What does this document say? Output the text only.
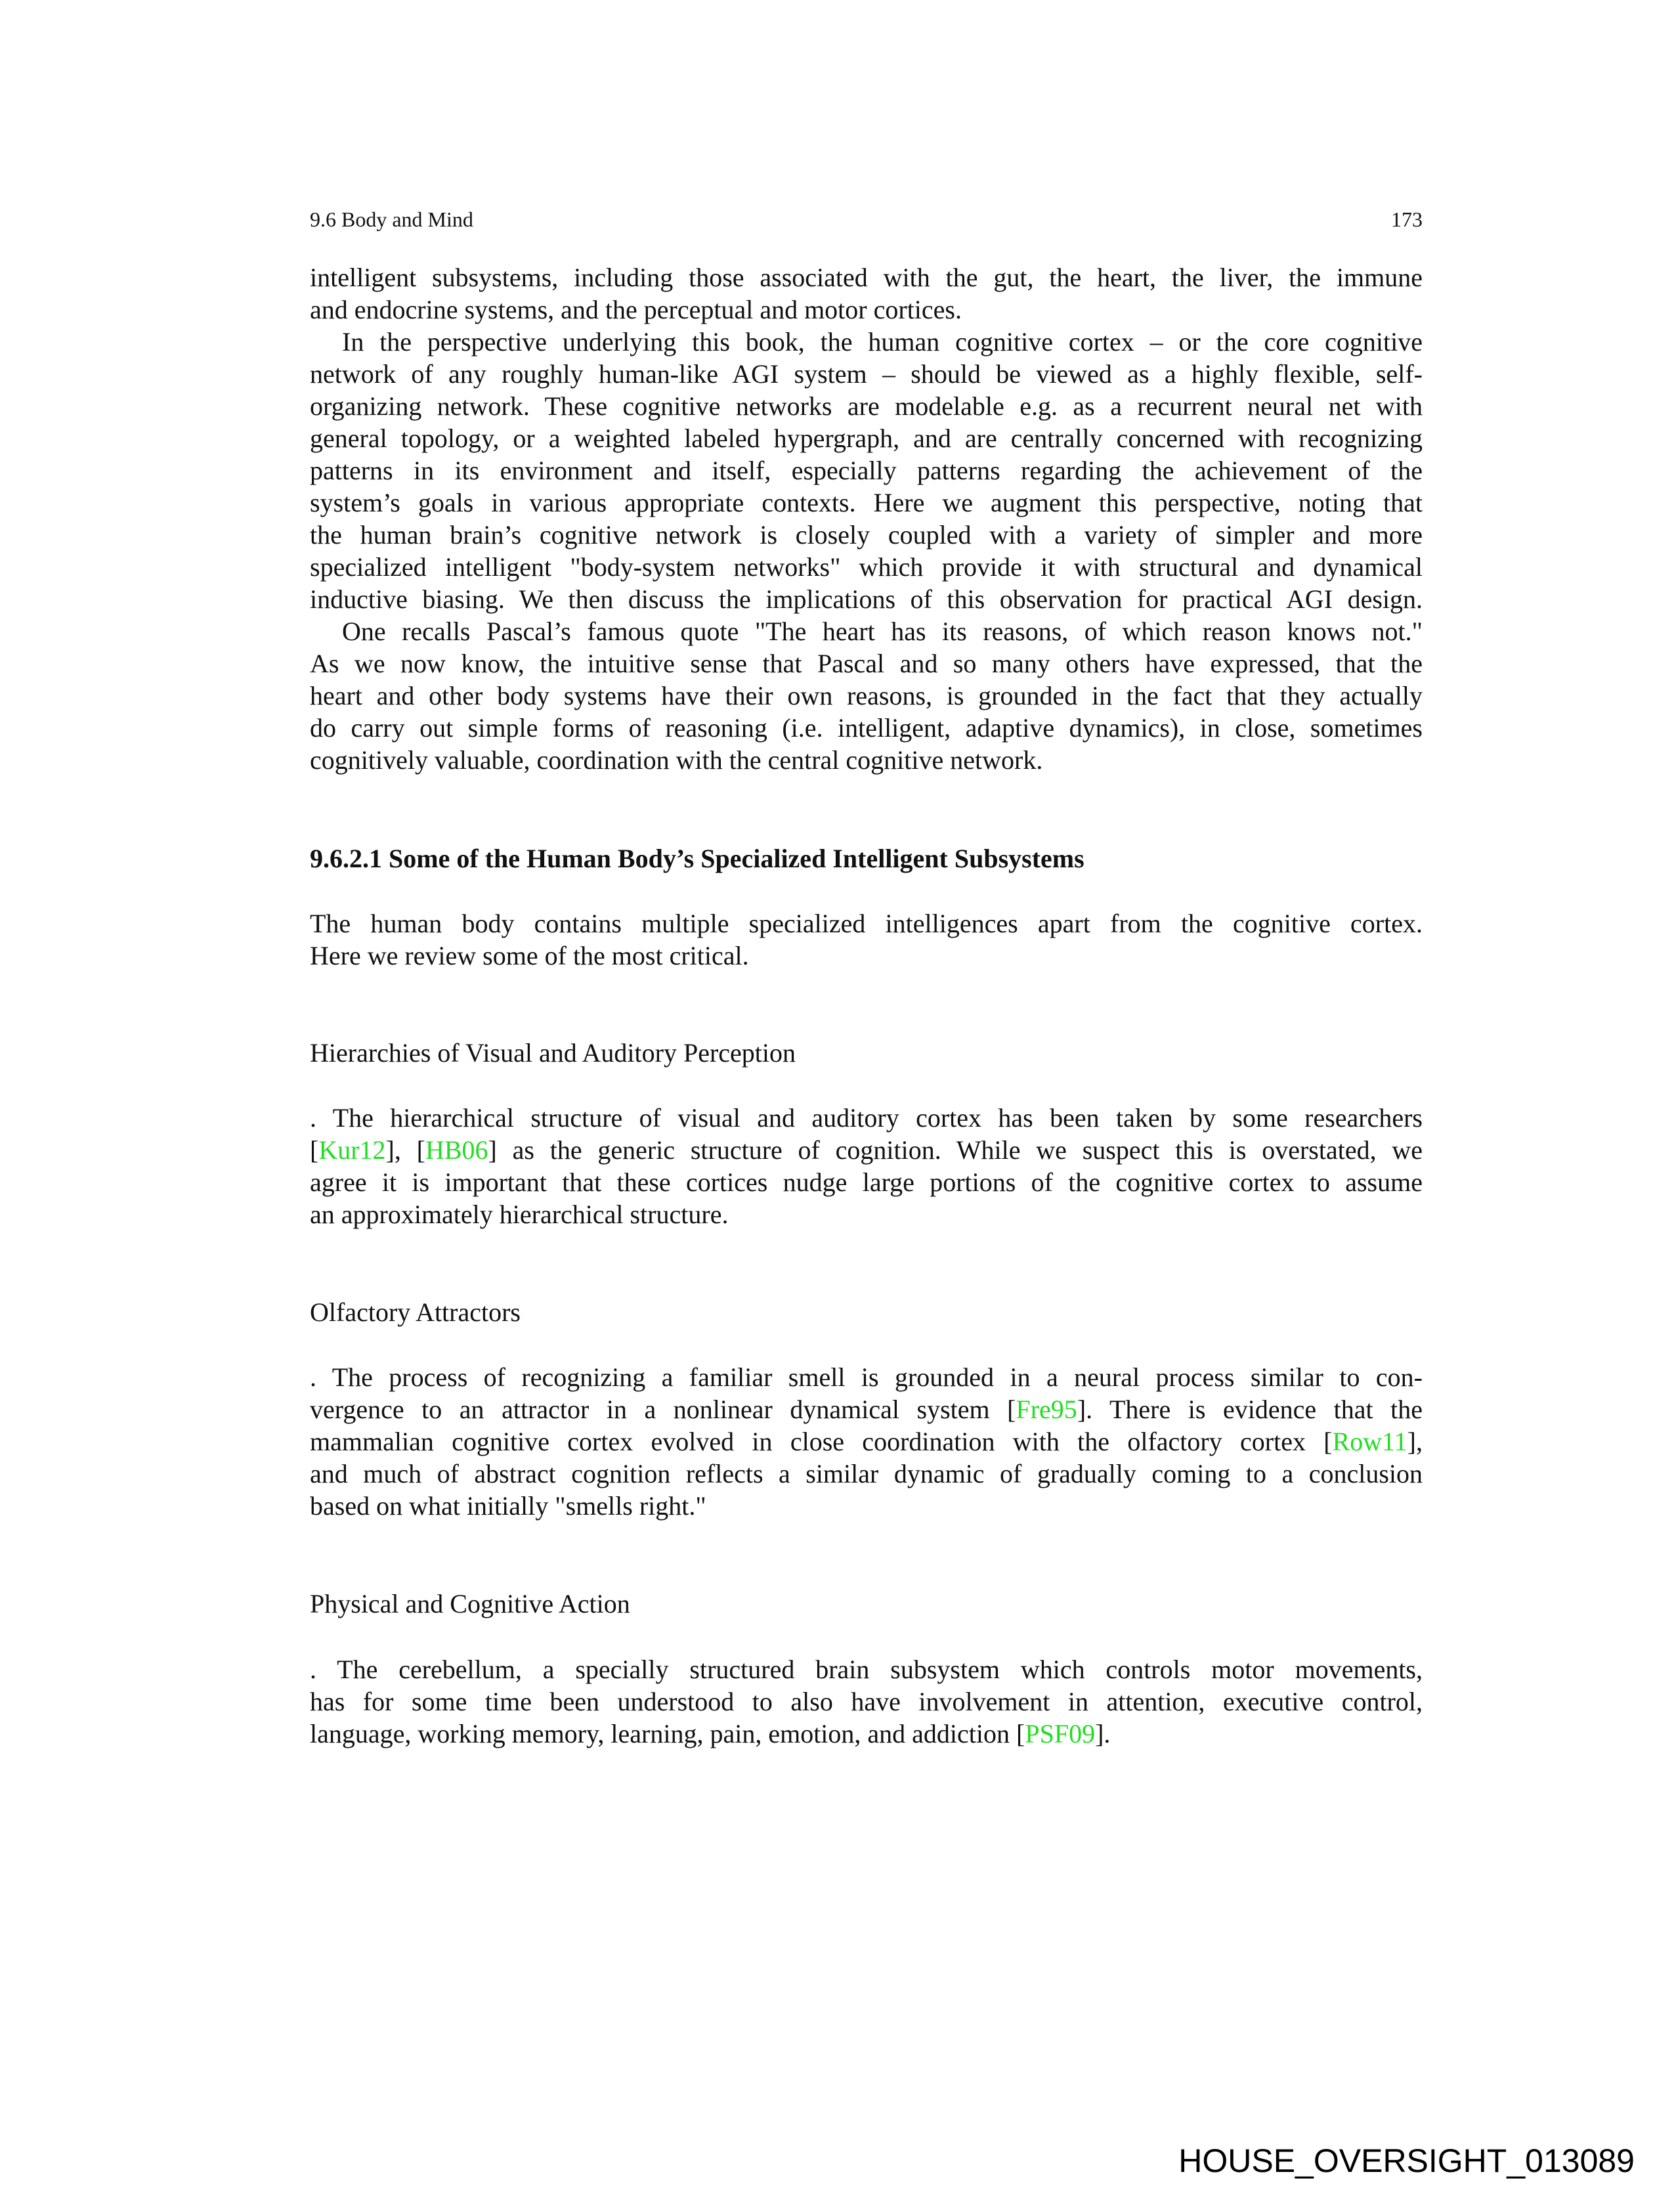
9.6 Body and Mind	173
intelligent subsystems, including those associated with the gut, the heart, the liver, the immune
and endocrine systems, and the perceptual and motor cortices.
In the perspective underlying this book, the human cognitive cortex – or the core cognitive
network of any roughly human-like AGI system – should be viewed as a highly flexible, self-
organizing network. These cognitive networks are modelable e.g. as a recurrent neural net with
general topology, or a weighted labeled hypergraph, and are centrally concerned with recognizing
patterns in its environment and itself, especially patterns regarding the achievement of the
system’s goals in various appropriate contexts. Here we augment this perspective, noting that
the human brain’s cognitive network is closely coupled with a variety of simpler and more
specialized intelligent "body-system networks" which provide it with structural and dynamical
inductive biasing. We then discuss the implications of this observation for practical AGI design.
One recalls Pascal’s famous quote "The heart has its reasons, of which reason knows not."
As we now know, the intuitive sense that Pascal and so many others have expressed, that the
heart and other body systems have their own reasons, is grounded in the fact that they actually
do carry out simple forms of reasoning (i.e. intelligent, adaptive dynamics), in close, sometimes
cognitively valuable, coordination with the central cognitive network.
9.6.2.1 Some of the Human Body’s Specialized Intelligent Subsystems
The human body contains multiple specialized intelligences apart from the cognitive cortex.
Here we review some of the most critical.
Hierarchies of Visual and Auditory Perception
. The hierarchical structure of visual and auditory cortex has been taken by some researchers
[Kur12], [HB06] as the generic structure of cognition. While we suspect this is overstated, we
agree it is important that these cortices nudge large portions of the cognitive cortex to assume
an approximately hierarchical structure.
Olfactory Attractors
. The process of recognizing a familiar smell is grounded in a neural process similar to con-
vergence to an attractor in a nonlinear dynamical system [Fre95]. There is evidence that the
mammalian cognitive cortex evolved in close coordination with the olfactory cortex [Row11],
and much of abstract cognition reflects a similar dynamic of gradually coming to a conclusion
based on what initially "smells right."
Physical and Cognitive Action
. The cerebellum, a specially structured brain subsystem which controls motor movements,
has for some time been understood to also have involvement in attention, executive control,
language, working memory, learning, pain, emotion, and addiction [PSF09].
HOUSE_OVERSIGHT_013089
